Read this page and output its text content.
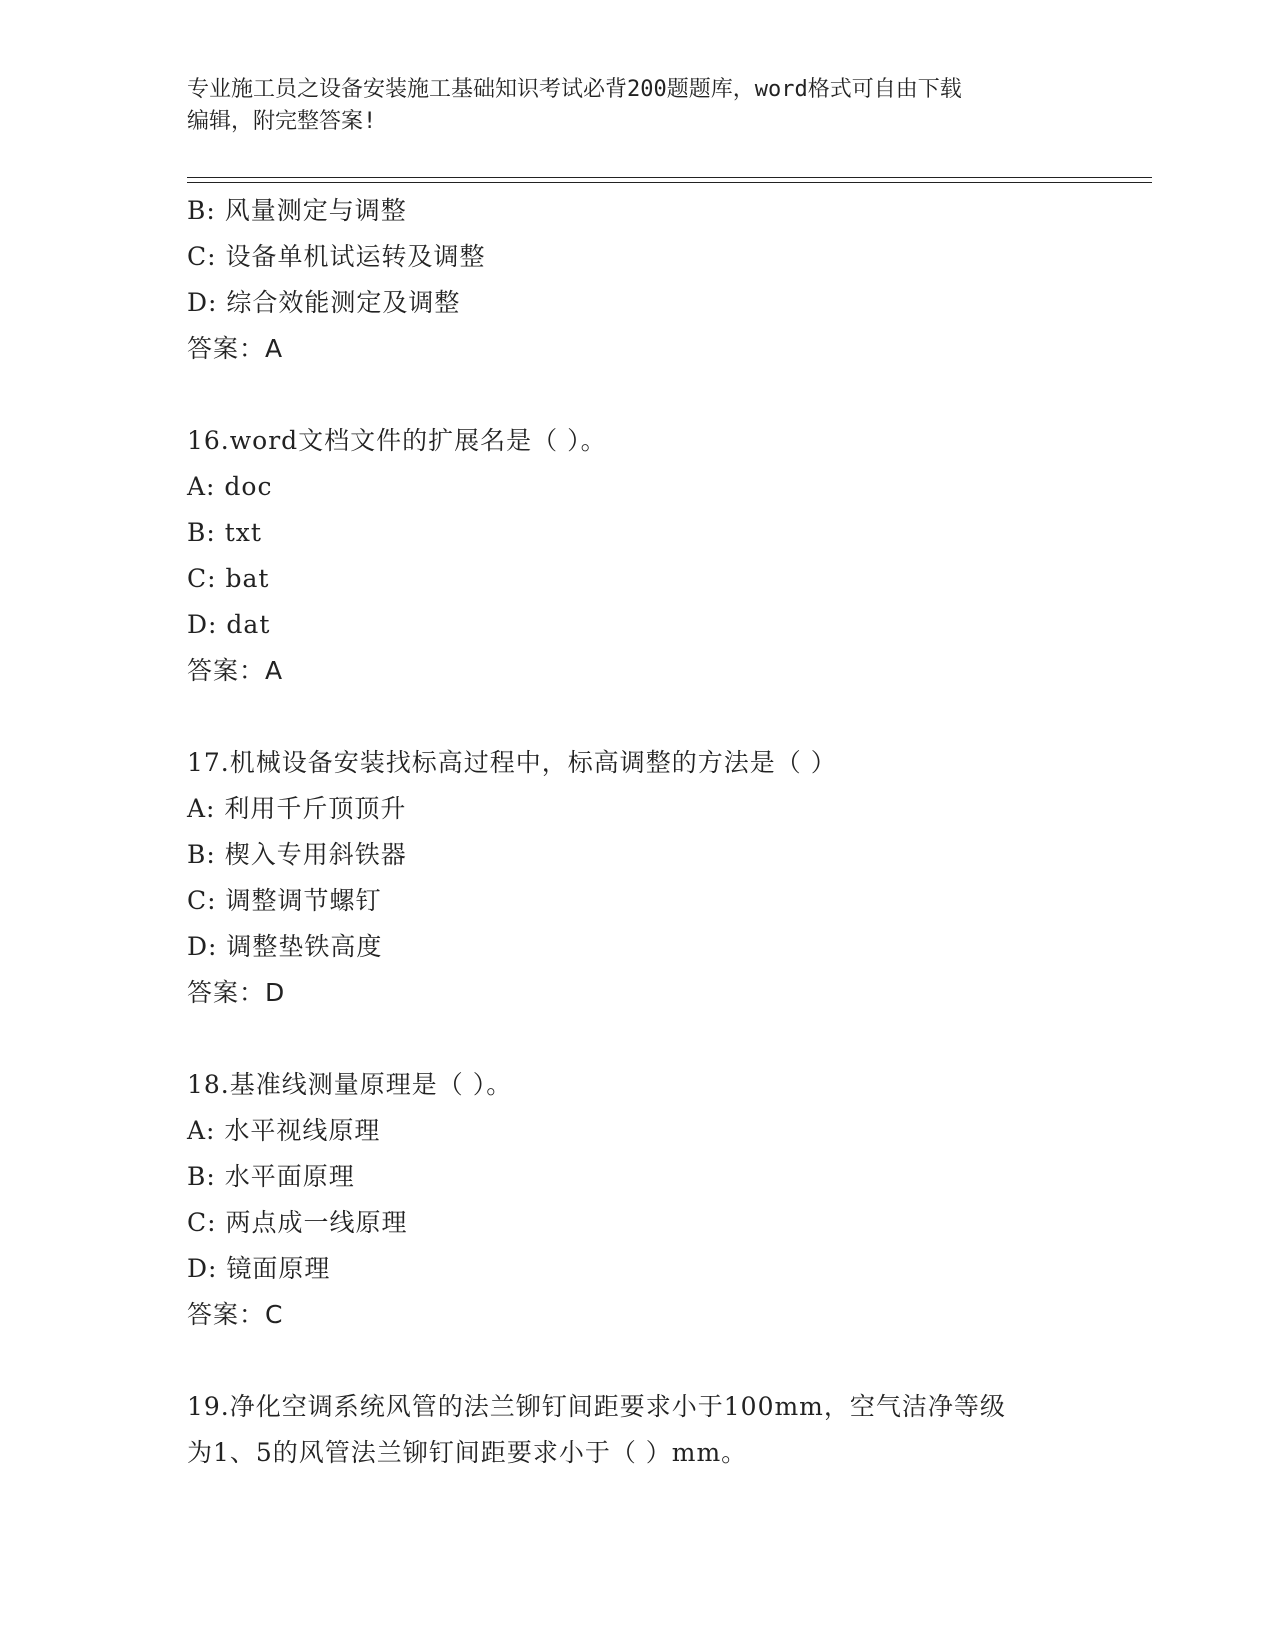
专业施工员之设备安装施工基础知识考试必背200题题库，word格式可自由下载
编辑，附完整答案!
B: 风量测定与调整
C: 设备单机试运转及调整
D: 综合效能测定及调整
答案：A
16.word文档文件的扩展名是（ ）。
A: doc
B: txt
C: bat
D: dat
答案：A
17.机械设备安装找标高过程中，标高调整的方法是（ ）
A: 利用千斤顶顶升
B: 楔入专用斜铁器
C: 调整调节螺钉
D: 调整垫铁高度
答案：D
18.基准线测量原理是（ ）。
A: 水平视线原理
B: 水平面原理
C: 两点成一线原理
D: 镜面原理
答案：C
19.净化空调系统风管的法兰铆钉间距要求小于100mm，空气洁净等级
为1、5的风管法兰铆钉间距要求小于（ ）mm。
